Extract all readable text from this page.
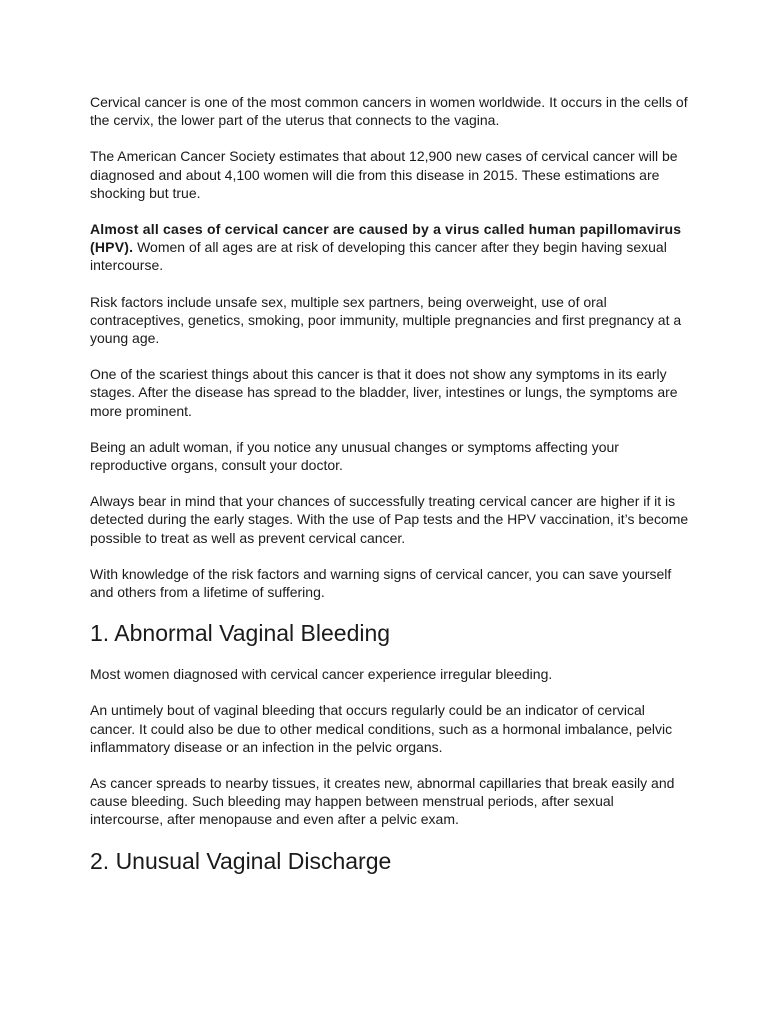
Cervical cancer is one of the most common cancers in women worldwide. It occurs in the cells of the cervix, the lower part of the uterus that connects to the vagina.

The American Cancer Society estimates that about 12,900 new cases of cervical cancer will be diagnosed and about 4,100 women will die from this disease in 2015. These estimations are shocking but true.

Almost all cases of cervical cancer are caused by a virus called human papillomavirus (HPV). Women of all ages are at risk of developing this cancer after they begin having sexual intercourse.

Risk factors include unsafe sex, multiple sex partners, being overweight, use of oral contraceptives, genetics, smoking, poor immunity, multiple pregnancies and first pregnancy at a young age.

One of the scariest things about this cancer is that it does not show any symptoms in its early stages. After the disease has spread to the bladder, liver, intestines or lungs, the symptoms are more prominent.

Being an adult woman, if you notice any unusual changes or symptoms affecting your reproductive organs, consult your doctor.

Always bear in mind that your chances of successfully treating cervical cancer are higher if it is detected during the early stages. With the use of Pap tests and the HPV vaccination, it’s become possible to treat as well as prevent cervical cancer.

With knowledge of the risk factors and warning signs of cervical cancer, you can save yourself and others from a lifetime of suffering.

1. Abnormal Vaginal Bleeding

Most women diagnosed with cervical cancer experience irregular bleeding.

An untimely bout of vaginal bleeding that occurs regularly could be an indicator of cervical cancer. It could also be due to other medical conditions, such as a hormonal imbalance, pelvic inflammatory disease or an infection in the pelvic organs.

As cancer spreads to nearby tissues, it creates new, abnormal capillaries that break easily and cause bleeding. Such bleeding may happen between menstrual periods, after sexual intercourse, after menopause and even after a pelvic exam.

2. Unusual Vaginal Discharge
